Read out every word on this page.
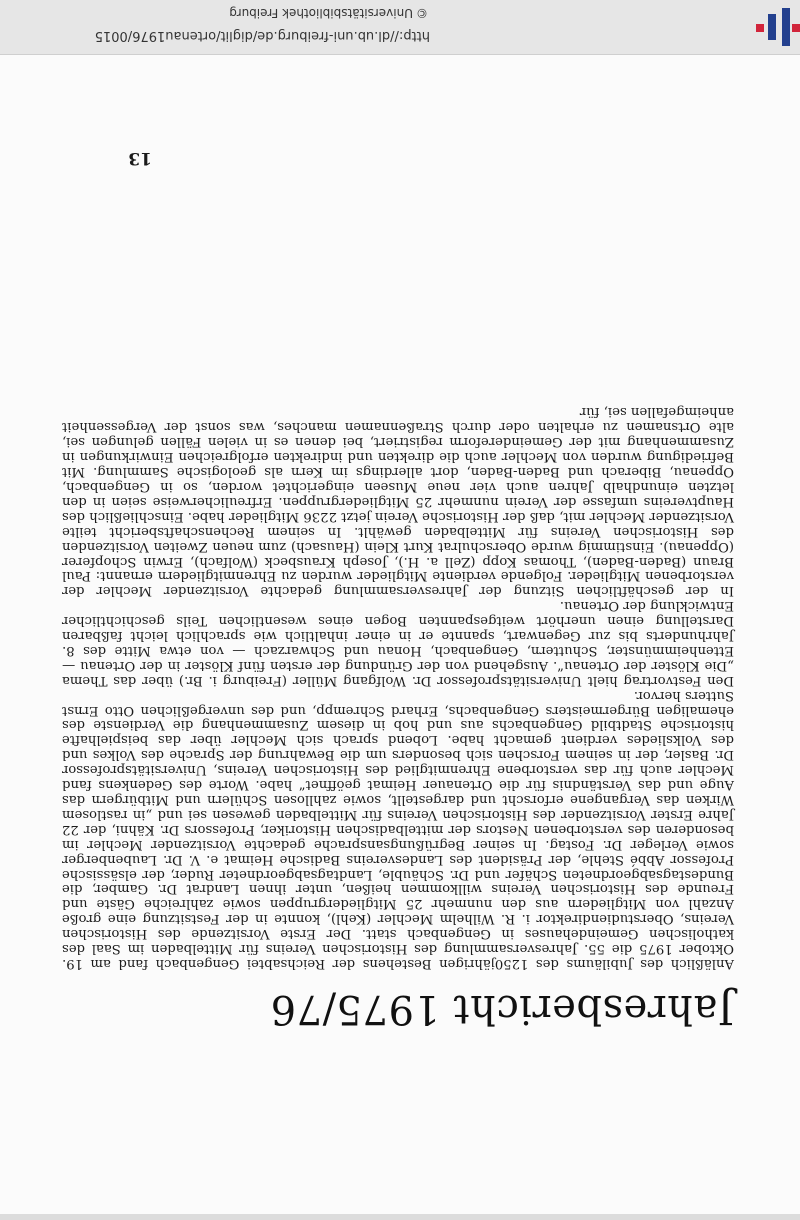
Jahresbericht 1975/76

Anläßlich des Jubiläums des 1250jährigen Bestehens der Reichsabtei Gengenbach fand am 19. Oktober 1975 die 55. Jahresversammlung des Historischen Vereins für Mittelbaden im Saal des katholischen Gemeindehauses in Gengenbach statt. Der Erste Vorsitzende des Historischen Vereins, Oberstudiendirektor i. R. Wilhelm Mechler (Kehl), konnte in der Festsitzung eine große Anzahl von Mitgliedern aus den nunmehr 25 Mitgliedergruppen sowie zahlreiche Gäste und Freunde des Historischen Vereins willkommen heißen, unter ihnen Landrat Dr. Gamber, die Bundestagsabgeordneten Schäfer und Dr. Schäuble, Landtagsabgeordneter Ruder, der elsässische Professor Abbé Stehle, der Präsident des Landesvereins Badische Heimat e. V. Dr. Laubenberger sowie Verleger Dr. Fostag. In seiner Begrüßungsansprache gedachte Vorsitzender Mechler im besonderen des verstorbenen Nestors der mittelbadischen Historiker, Professors Dr. Kähni, der 22 Jahre Erster Vorsitzender des Historischen Vereins für Mittelbaden gewesen sei und „in rastlosem Wirken das Vergangene erforscht und dargestellt, sowie zahllosen Schülern und Mitbürgern das Auge und das Verständnis für die Ortenauer Heimat geöffnet“ habe. Worte des Gedenkens fand Mechler auch für das verstorbene Ehrenmitglied des Historischen Vereins, Universitätsprofessor Dr. Basler, der in seinem Forschen sich besonders um die Bewahrung der Sprache des Volkes und des Volksliedes verdient gemacht habe. Lobend sprach sich Mechler über das beispielhafte historische Stadtbild Gengenbachs aus und hob in diesem Zusammenhang die Verdienste des ehemaligen Bürgermeisters Gengenbachs, Erhard Schrempp, und des unvergeßlichen Otto Ernst Sutters hervor.

Den Festvortrag hielt Universitätsprofessor Dr. Wolfgang Müller (Freiburg i. Br.) über das Thema „Die Klöster der Ortenau“. Ausgehend von der Gründung der ersten fünf Klöster in der Ortenau — Ettenheimmünster, Schuttern, Gengenbach, Honau und Schwarzach — von etwa Mitte des 8. Jahrhunderts bis zur Gegenwart, spannte er in einer inhaltlich wie sprachlich leicht faßbaren Darstellung einen unerhört weitgespannten Bogen eines wesentlichen Teils geschichtlicher Entwicklung der Ortenau.

In der geschäftlichen Sitzung der Jahresversammlung gedachte Vorsitzender Mechler der verstorbenen Mitglieder. Folgende verdiente Mitglieder wurden zu Ehrenmitgliedern ernannt: Paul Braun (Baden-Baden), Thomas Kopp (Zell a. H.), Joseph Krausbeck (Wolfach), Erwin Schopferer (Oppenau). Einstimmig wurde Oberschulrat Kurt Klein (Hausach) zum neuen Zweiten Vorsitzenden des Historischen Vereins für Mittelbaden gewählt. In seinem Rechenschaftsbericht teilte Vorsitzender Mechler mit, daß der Historische Verein jetzt 2236 Mitglieder habe. Einschließlich des Hauptvereins umfasse der Verein nunmehr 25 Mitgliedergruppen. Erfreulicherweise seien in den letzten einundhalb Jahren auch vier neue Museen eingerichtet worden, so in Gengenbach, Oppenau, Biberach und Baden-Baden, dort allerdings im Kern als geologische Sammlung. Mit Befriedigung wurden von Mechler auch die direkten und indirekten erfolgreichen Einwirkungen in Zusammenhang mit der Gemeindereform registriert, bei denen es in vielen Fällen gelungen sei, alte Ortsnamen zu erhalten oder durch Straßennamen manches, was sonst der Vergessenheit anheimgefallen sei, für

13
http://dl.ub.uni-freiburg.de/diglit/ortenau1976/0015
©Universitätsbibliothek Freiburg
